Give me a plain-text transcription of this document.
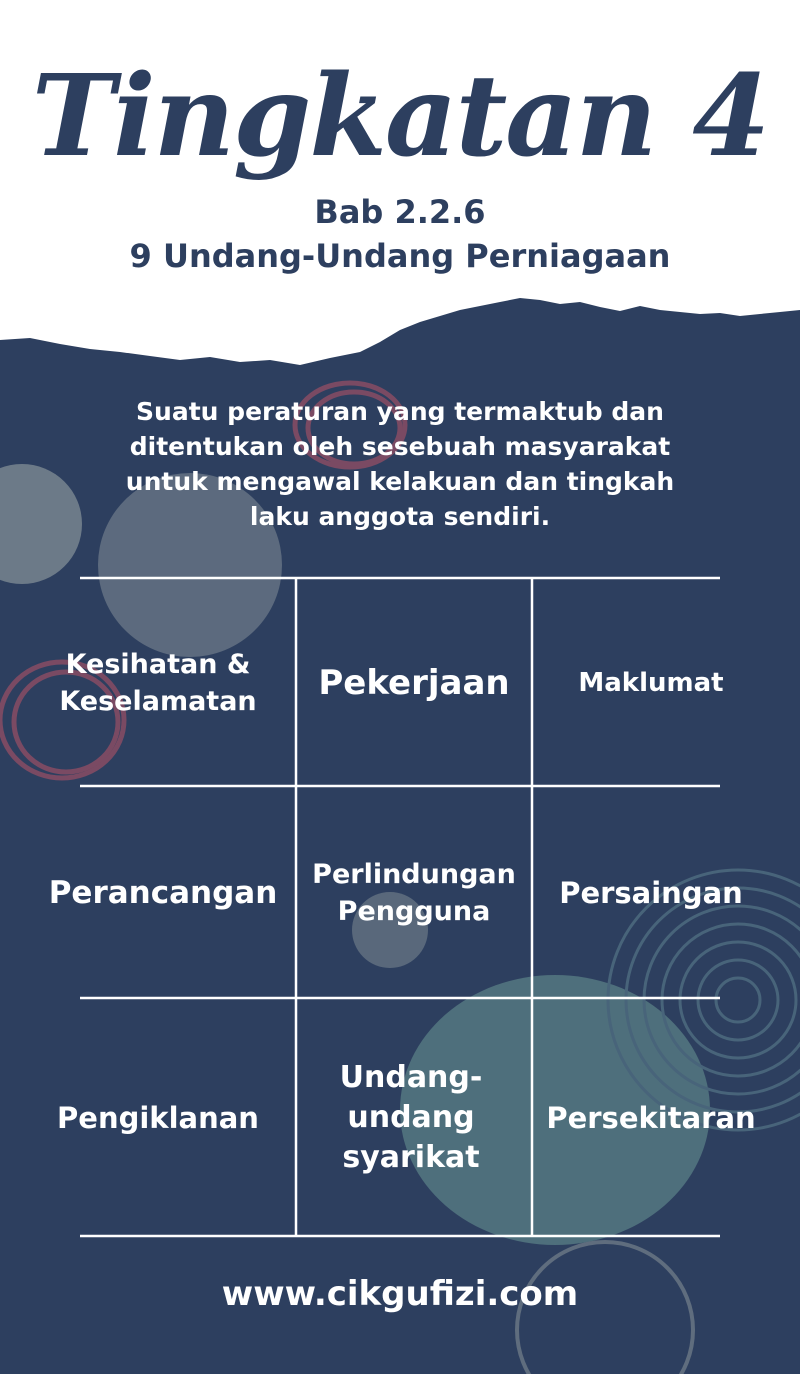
Tingkatan 4

Bab 2.2.6

9 Undang-Undang Perniagaan

Suatu peraturan yang termaktub dan ditentukan oleh sesebuah masyarakat untuk mengawal kelakuan dan tingkah laku anggota sendiri.

Kesihatan & Keselamatan	Pekerjaan	Maklumat
Perancangan
Perlindungan Pengguna
Persaingan
Pengiklanan
Undang-undang syarikat
Persekitaran

www.cikgufizi.com
